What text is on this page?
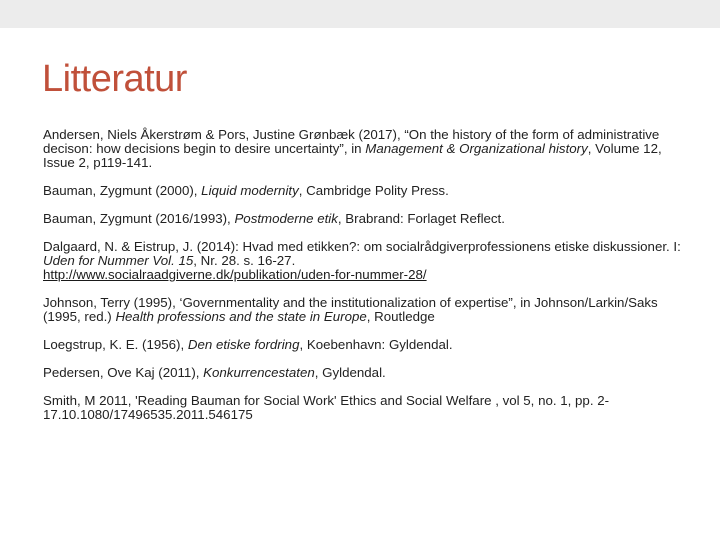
Litteratur

Andersen, Niels Åkerstrøm & Pors, Justine Grønbæk (2017), “On the history of the form of administrative decison: how decisions begin to desire uncertainty”, in Management & Organizational history, Volume 12, Issue 2, p119-141.

Bauman, Zygmunt (2000), Liquid modernity, Cambridge Polity Press.

Bauman, Zygmunt (2016/1993), Postmoderne etik, Brabrand: Forlaget Reflect.

Dalgaard, N. & Eistrup, J. (2014): Hvad med etikken?: om socialrådgiverprofessionens etiske diskussioner. I: Uden for Nummer Vol. 15, Nr. 28. s. 16-27.
http://www.socialraadgiverne.dk/publikation/uden-for-nummer-28/

Johnson, Terry (1995), ‘Governmentality and the institutionalization of expertise”, in Johnson/Larkin/Saks (1995, red.) Health professions and the state in Europe, Routledge

Loegstrup, K. E. (1956), Den etiske fordring, Koebenhavn: Gyldendal.

Pedersen, Ove Kaj (2011), Konkurrencestaten, Gyldendal.

Smith, M 2011, 'Reading Bauman for Social Work' Ethics and Social Welfare , vol 5, no. 1, pp. 2-17.10.1080/17496535.2011.546175
